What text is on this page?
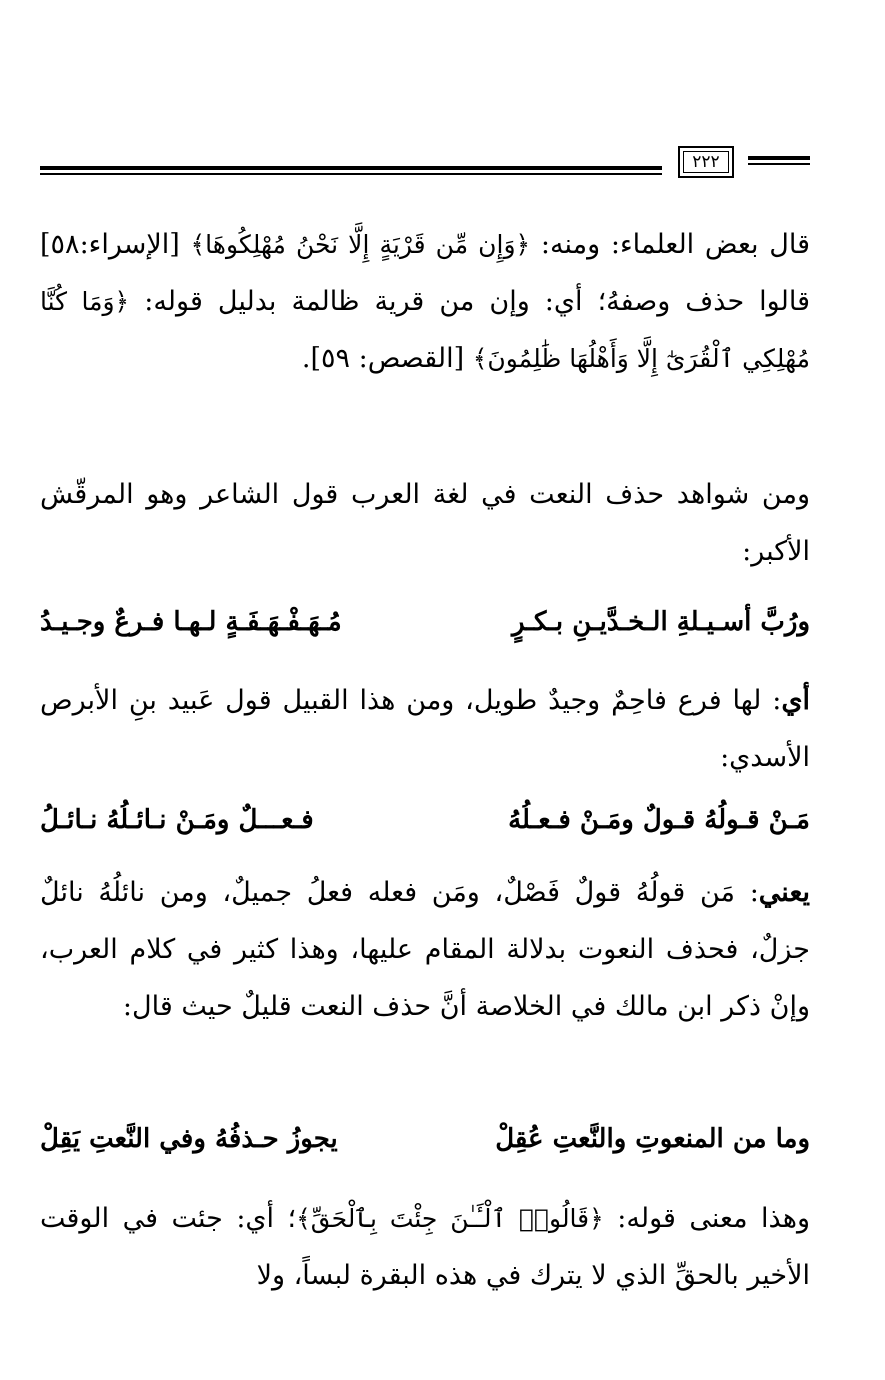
٢٢٢

قال بعض العلماء: ومنه: ﴿وَإِن مِّن قَرْيَةٍ إِلَّا نَحْنُ مُهْلِكُوهَا﴾ [الإسراء:٥٨] قالوا حذف وصفهُ؛ أي: وإن من قرية ظالمة بدليل قوله: ﴿وَمَا كُنَّا مُهْلِكِي ٱلْقُرَىٰٓ إِلَّا وَأَهْلُهَا ظَٰلِمُونَ﴾ [القصص: ٥٩].

ومن شواهد حذف النعت في لغة العرب قول الشاعر وهو المرقّش الأكبر:

ورُبَّ أسـيـلةِ الـخـدَّيـنِ بـكـرٍ
مُـهَـفْـهَـفَـةٍ لـهـا فـرعٌ وجـيـدُ

أي: لها فرع فاحِمٌ وجيدٌ طويل، ومن هذا القبيل قول عَبيد بنِ الأبرص الأسدي:

مَـنْ قـولُهُ قـولٌ ومَـنْ فـعـلُهُ
فـعـــلٌ ومَـنْ نـائـلُهُ نـائـلُ

يعني: مَن قولُهُ قولٌ فَصْلٌ، ومَن فعله فعلُ جميلٌ، ومن نائلُهُ نائلٌ جزلٌ، فحذف النعوت بدلالة المقام عليها، وهذا كثير في كلام العرب، وإنْ ذكر ابن مالك في الخلاصة أنَّ حذف النعت قليلٌ حيث قال:

وما من المنعوتِ والنَّعتِ عُقِلْ
يجوزُ حـذفُهُ وفي النَّعتِ يَقِلْ

وهذا معنى قوله: ﴿قَالُوا۟ ٱلْـَٔـٰنَ جِئْتَ بِٱلْحَقِّ﴾؛ أي: جئت في الوقت الأخير بالحقِّ الذي لا يترك في هذه البقرة لبساً، ولا
